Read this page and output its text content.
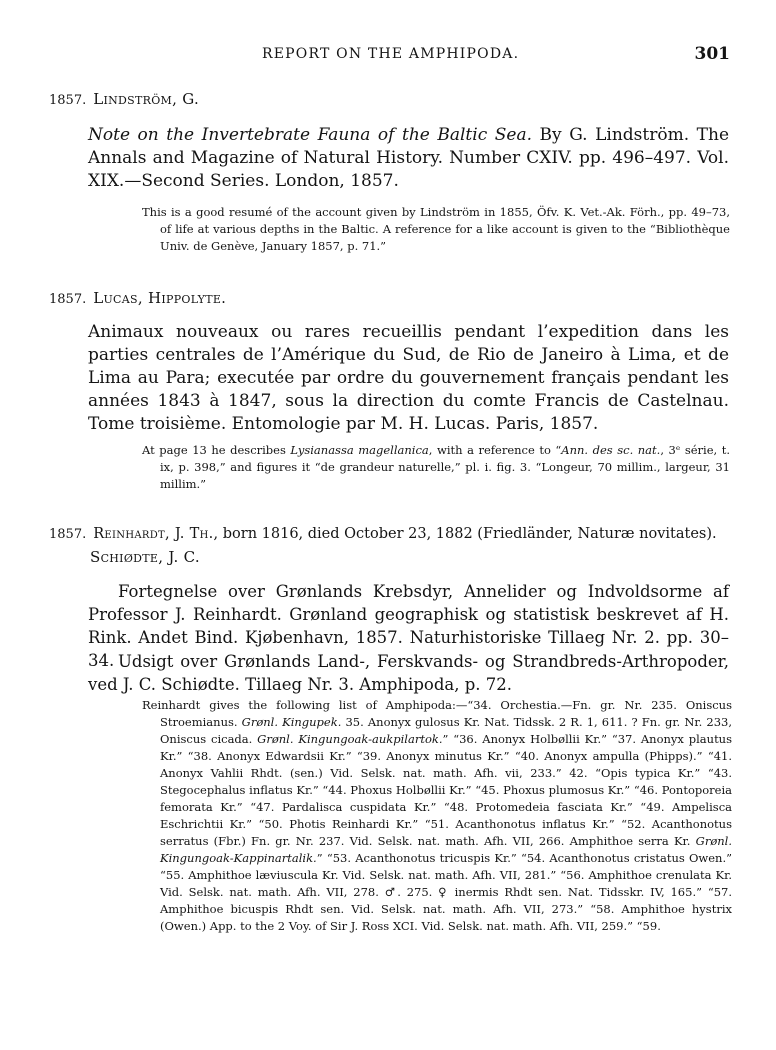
REPORT ON THE AMPHIPODA.	301
1857. Lindström, G.
Note on the Invertebrate Fauna of the Baltic Sea. By G. Lindström. The Annals and Magazine of Natural History. Number CXIV. pp. 496–497. Vol. XIX.—Second Series. London, 1857.
This is a good resumé of the account given by Lindström in 1855, Öfv. K. Vet.-Ak. Förh., pp. 49–73, of life at various depths in the Baltic. A reference for a like account is given to the “Bibliothèque Univ. de Genève, January 1857, p. 71.”
1857. Lucas, Hippolyte.
Animaux nouveaux ou rares recueillis pendant l’expedition dans les parties centrales de l’Amérique du Sud, de Rio de Janeiro à Lima, et de Lima au Para; executée par ordre du gouvernement français pendant les années 1843 à 1847, sous la direction du comte Francis de Castelnau. Tome troisième. Entomologie par M. H. Lucas. Paris, 1857.
At page 13 he describes Lysianassa magellanica, with a reference to “Ann. des sc. nat., 3ᵉ série, t. ix, p. 398,” and figures it “de grandeur naturelle,” pl. i. fig. 3. “Longeur, 70 millim., largeur, 31 millim.”
1857. Reinhardt, J. Th., born 1816, died October 23, 1882 (Friedländer, Naturæ novitates).
Schiødte, J. C.
Fortegnelse over Grønlands Krebsdyr, Annelider og Indvoldsorme af Professor J. Reinhardt. Grønland geographisk og statistisk beskrevet af H. Rink. Andet Bind. Kjøbenhavn, 1857. Naturhistoriske Tillaeg Nr. 2. pp. 30–34. Udsigt over Grønlands Land-, Ferskvands- og Strandbreds-Arthropoder, ved J. C. Schiødte. Tillaeg Nr. 3. Amphipoda, p. 72.
Reinhardt gives the following list of Amphipoda:—“34. Orchestia.—Fn. gr. Nr. 235. Oniscus Stroemianus. Grønl. Kingupek. 35. Anonyx gulosus Kr. Nat. Tidssk. 2 R. 1, 611. ? Fn. gr. Nr. 233, Oniscus cicada. Grønl. Kingungoak-aukpilartok.” “36. Anonyx Holbøllii Kr.” “37. Anonyx plautus Kr.” “38. Anonyx Edwardsii Kr.” “39. Anonyx minutus Kr.” “40. Anonyx ampulla (Phipps).” “41. Anonyx Vahlii Rhdt. (sen.) Vid. Selsk. nat. math. Afh. vii, 233.” 42. “Opis typica Kr.” “43. Stegocephalus inflatus Kr.” “44. Phoxus Holbøllii Kr.” “45. Phoxus plumosus Kr.” “46. Pontoporeia femorata Kr.” “47. Pardalisca cuspidata Kr.” “48. Protomedeia fasciata Kr.” “49. Ampelisca Eschrichtii Kr.” “50. Photis Reinhardi Kr.” “51. Acanthonotus inflatus Kr.” “52. Acanthonotus serratus (Fbr.) Fn. gr. Nr. 237. Vid. Selsk. nat. math. Afh. VII, 266. Amphithoe serra Kr. Grønl. Kingungoak-Kappinartalik.” “53. Acanthonotus tricuspis Kr.” “54. Acanthonotus cristatus Owen.” “55. Amphithoe læviuscula Kr. Vid. Selsk. nat. math. Afh. VII, 281.” “56. Amphithoe crenulata Kr. Vid. Selsk. nat. math. Afh. VII, 278. ♂. 275. ♀ inermis Rhdt sen. Nat. Tidsskr. IV, 165.” “57. Amphithoe bicuspis Rhdt sen. Vid. Selsk. nat. math. Afh. VII, 273.” “58. Amphithoe hystrix (Owen.) App. to the 2 Voy. of Sir J. Ross XCI. Vid. Selsk. nat. math. Afh. VII, 259.” “59.
